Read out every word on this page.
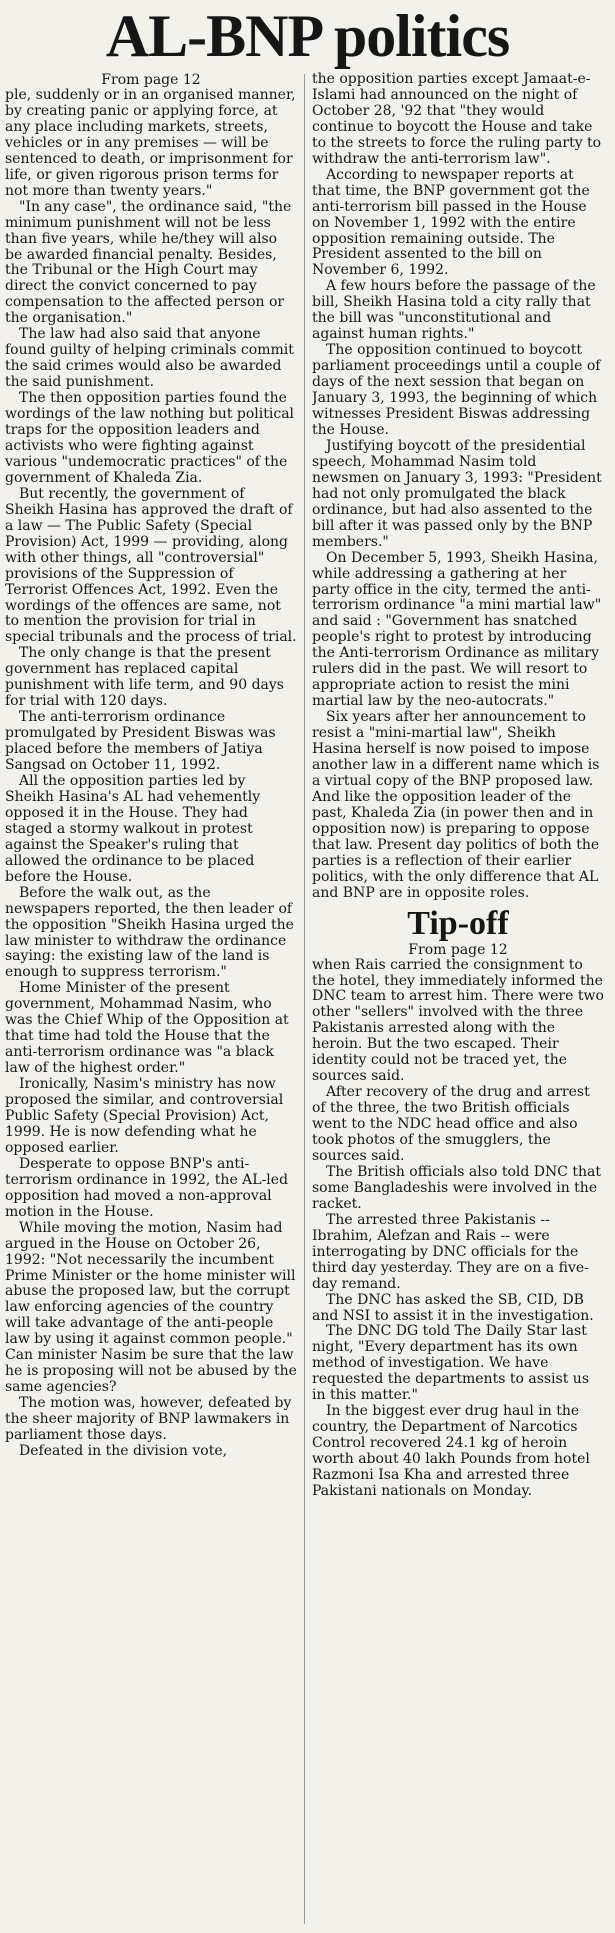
AL-BNP politics
From page 12

ple, suddenly or in an organised manner, by creating panic or applying force, at any place including markets, streets, vehicles or in any premises — will be sentenced to death, or imprisonment for life, or given rigorous prison terms for not more than twenty years."

"In any case", the ordinance said, "the minimum punishment will not be less than five years, while he/they will also be awarded financial penalty. Besides, the Tribunal or the High Court may direct the convict concerned to pay compensation to the affected person or the organisation."

The law had also said that anyone found guilty of helping criminals commit the said crimes would also be awarded the said punishment.

The then opposition parties found the wordings of the law nothing but political traps for the opposition leaders and activists who were fighting against various "undemocratic practices" of the government of Khaleda Zia.

But recently, the government of Sheikh Hasina has approved the draft of a law — The Public Safety (Special Provision) Act, 1999 — providing, along with other things, all "controversial" provisions of the Suppression of Terrorist Offences Act, 1992. Even the wordings of the offences are same, not to mention the provision for trial in special tribunals and the process of trial.

The only change is that the present government has replaced capital punishment with life term, and 90 days for trial with 120 days.

The anti-terrorism ordinance promulgated by President Biswas was placed before the members of Jatiya Sangsad on October 11, 1992.

All the opposition parties led by Sheikh Hasina's AL had vehemently opposed it in the House. They had staged a stormy walkout in protest against the Speaker's ruling that allowed the ordinance to be placed before the House.

Before the walk out, as the newspapers reported, the then leader of the opposition "Sheikh Hasina urged the law minister to withdraw the ordinance saying: the existing law of the land is enough to suppress terrorism."

Home Minister of the present government, Mohammad Nasim, who was the Chief Whip of the Opposition at that time had told the House that the anti-terrorism ordinance was "a black law of the highest order."

Ironically, Nasim's ministry has now proposed the similar, and controversial Public Safety (Special Provision) Act, 1999. He is now defending what he opposed earlier.

Desperate to oppose BNP's anti-terrorism ordinance in 1992, the AL-led opposition had moved a non-approval motion in the House.

While moving the motion, Nasim had argued in the House on October 26, 1992: "Not necessarily the incumbent Prime Minister or the home minister will abuse the proposed law, but the corrupt law enforcing agencies of the country will take advantage of the anti-people law by using it against common people." Can minister Nasim be sure that the law he is proposing will not be abused by the same agencies?

The motion was, however, defeated by the sheer majority of BNP lawmakers in parliament those days.

Defeated in the division vote,

the opposition parties except Jamaat-e-Islami had announced on the night of October 28, '92 that "they would continue to boycott the House and take to the streets to force the ruling party to withdraw the anti-terrorism law".

According to newspaper reports at that time, the BNP government got the anti-terrorism bill passed in the House on November 1, 1992 with the entire opposition remaining outside. The President assented to the bill on November 6, 1992.

A few hours before the passage of the bill, Sheikh Hasina told a city rally that the bill was "unconstitutional and against human rights."

The opposition continued to boycott parliament proceedings until a couple of days of the next session that began on January 3, 1993, the beginning of which witnesses President Biswas addressing the House.

Justifying boycott of the presidential speech, Mohammad Nasim told newsmen on January 3, 1993: "President had not only promulgated the black ordinance, but had also assented to the bill after it was passed only by the BNP members."

On December 5, 1993, Sheikh Hasina, while addressing a gathering at her party office in the city, termed the anti-terrorism ordinance "a mini martial law" and said : "Government has snatched people's right to protest by introducing the Anti-terrorism Ordinance as military rulers did in the past. We will resort to appropriate action to resist the mini martial law by the neo-autocrats."

Six years after her announcement to resist a "mini-martial law", Sheikh Hasina herself is now poised to impose another law in a different name which is a virtual copy of the BNP proposed law. And like the opposition leader of the past, Khaleda Zia (in power then and in opposition now) is preparing to oppose that law. Present day politics of both the parties is a reflection of their earlier politics, with the only difference that AL and BNP are in opposite roles.

Tip-off
From page 12

when Rais carried the consignment to the hotel, they immediately informed the DNC team to arrest him. There were two other "sellers" involved with the three Pakistanis arrested along with the heroin. But the two escaped. Their identity could not be traced yet, the sources said.

After recovery of the drug and arrest of the three, the two British officials went to the NDC head office and also took photos of the smugglers, the sources said.

The British officials also told DNC that some Bangladeshis were involved in the racket.

The arrested three Pakistanis -- Ibrahim, Alefzan and Rais -- were interrogating by DNC officials for the third day yesterday. They are on a five-day remand.

The DNC has asked the SB, CID, DB and NSI to assist it in the investigation.

The DNC DG told The Daily Star last night, "Every department has its own method of investigation. We have requested the departments to assist us in this matter."

In the biggest ever drug haul in the country, the Department of Narcotics Control recovered 24.1 kg of heroin worth about 40 lakh Pounds from hotel Razmoni Isa Kha and arrested three Pakistani nationals on Monday.
